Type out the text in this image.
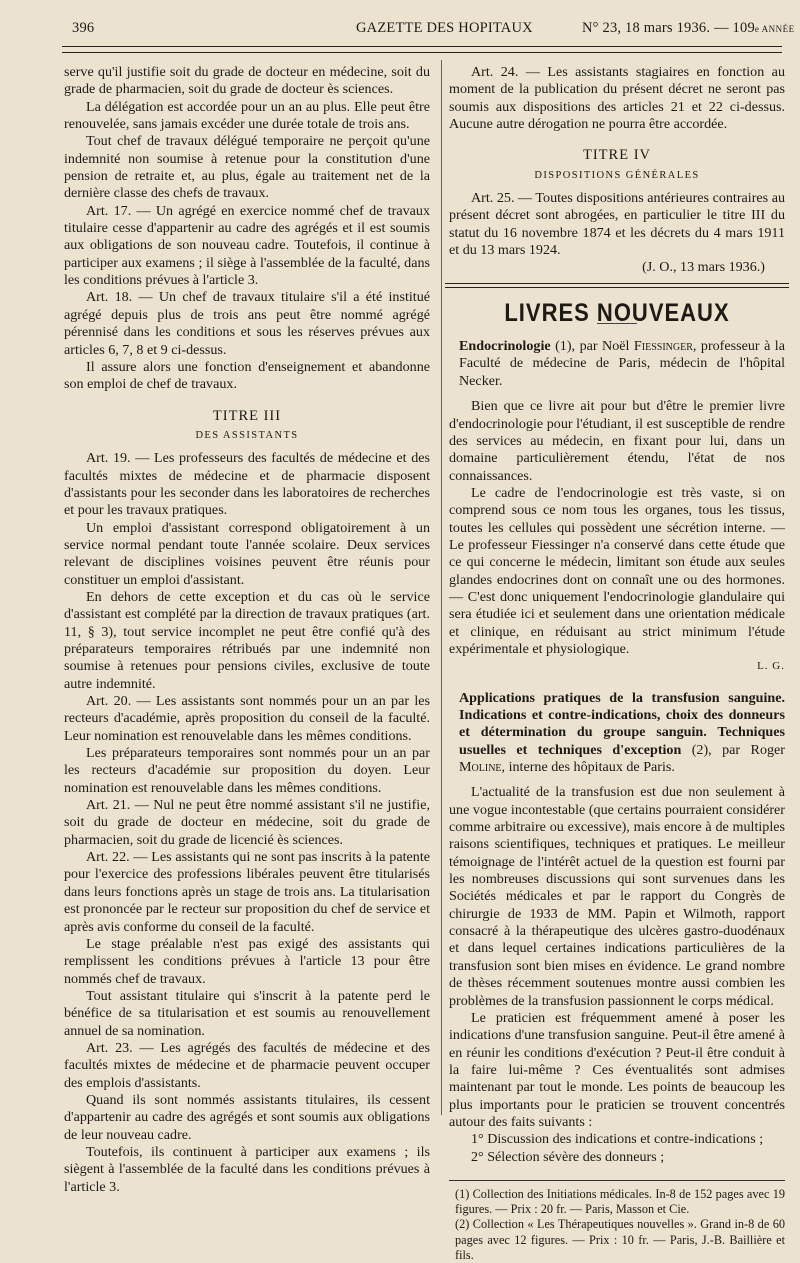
396	GAZETTE DES HOPITAUX	N° 23, 18 mars 1936. — 109e ANNÉE

serve qu'il justifie soit du grade de docteur en médecine, soit du grade de pharmacien, soit du grade de docteur ès sciences.

La délégation est accordée pour un an au plus. Elle peut être renouvelée, sans jamais excéder une durée totale de trois ans.

Tout chef de travaux délégué temporaire ne perçoit qu'une indemnité non soumise à retenue pour la constitution d'une pension de retraite et, au plus, égale au traitement net de la dernière classe des chefs de travaux.

Art. 17. — Un agrégé en exercice nommé chef de travaux titulaire cesse d'appartenir au cadre des agrégés et il est soumis aux obligations de son nouveau cadre. Toutefois, il continue à participer aux examens ; il siège à l'assemblée de la faculté, dans les conditions prévues à l'article 3.

Art. 18. — Un chef de travaux titulaire s'il a été institué agrégé depuis plus de trois ans peut être nommé agrégé pérennisé dans les conditions et sous les réserves prévues aux articles 6, 7, 8 et 9 ci-dessus.

Il assure alors une fonction d'enseignement et abandonne son emploi de chef de travaux.

TITRE III
DES ASSISTANTS

Art. 19. — Les professeurs des facultés de médecine et des facultés mixtes de médecine et de pharmacie disposent d'assistants pour les seconder dans les laboratoires de recherches et pour les travaux pratiques.

Un emploi d'assistant correspond obligatoirement à un service normal pendant toute l'année scolaire. Deux services relevant de disciplines voisines peuvent être réunis pour constituer un emploi d'assistant.

En dehors de cette exception et du cas où le service d'assistant est complété par la direction de travaux pratiques (art. 11, § 3), tout service incomplet ne peut être confié qu'à des préparateurs temporaires rétribués par une indemnité non soumise à retenues pour pensions civiles, exclusive de toute autre indemnité.

Art. 20. — Les assistants sont nommés pour un an par les recteurs d'académie, après proposition du conseil de la faculté. Leur nomination est renouvelable dans les mêmes conditions.

Les préparateurs temporaires sont nommés pour un an par les recteurs d'académie sur proposition du doyen. Leur nomination est renouvelable dans les mêmes conditions.

Art. 21. — Nul ne peut être nommé assistant s'il ne justifie, soit du grade de docteur en médecine, soit du grade de pharmacien, soit du grade de licencié ès sciences.

Art. 22. — Les assistants qui ne sont pas inscrits à la patente pour l'exercice des professions libérales peuvent être titularisés dans leurs fonctions après un stage de trois ans. La titularisation est prononcée par le recteur sur proposition du chef de service et après avis conforme du conseil de la faculté.

Le stage préalable n'est pas exigé des assistants qui remplissent les conditions prévues à l'article 13 pour être nommés chef de travaux.

Tout assistant titulaire qui s'inscrit à la patente perd le bénéfice de sa titularisation et est soumis au renouvellement annuel de sa nomination.

Art. 23. — Les agrégés des facultés de médecine et des facultés mixtes de médecine et de pharmacie peuvent occuper des emplois d'assistants.

Quand ils sont nommés assistants titulaires, ils cessent d'appartenir au cadre des agrégés et sont soumis aux obligations de leur nouveau cadre.

Toutefois, ils continuent à participer aux examens ; ils siègent à l'assemblée de la faculté dans les conditions prévues à l'article 3.

Art. 24. — Les assistants stagiaires en fonction au moment de la publication du présent décret ne seront pas soumis aux dispositions des articles 21 et 22 ci-dessus. Aucune autre dérogation ne pourra être accordée.

TITRE IV
DISPOSITIONS GÉNÉRALES

Art. 25. — Toutes dispositions antérieures contraires au présent décret sont abrogées, en particulier le titre III du statut du 16 novembre 1874 et les décrets du 4 mars 1911 et du 13 mars 1924.

(J. O., 13 mars 1936.)

LIVRES NOUVEAUX

Endocrinologie (1), par Noël Fiessinger, professeur à la Faculté de médecine de Paris, médecin de l'hôpital Necker.

Bien que ce livre ait pour but d'être le premier livre d'endocrinologie pour l'étudiant, il est susceptible de rendre des services au médecin, en fixant pour lui, dans un domaine particulièrement étendu, l'état de nos connaissances.

Le cadre de l'endocrinologie est très vaste, si on comprend sous ce nom tous les organes, tous les tissus, toutes les cellules qui possèdent une sécrétion interne. — Le professeur Fiessinger n'a conservé dans cette étude que ce qui concerne le médecin, limitant son étude aux seules glandes endocrines dont on connaît une ou des hormones. — C'est donc uniquement l'endocrinologie glandulaire qui sera étudiée ici et seulement dans une orientation médicale et clinique, en réduisant au strict minimum l'étude expérimentale et physiologique.

L. G.

Applications pratiques de la transfusion sanguine. Indications et contre-indications, choix des donneurs et détermination du groupe sanguin. Techniques usuelles et techniques d'exception (2), par Roger Moline, interne des hôpitaux de Paris.

L'actualité de la transfusion est due non seulement à une vogue incontestable (que certains pourraient considérer comme arbitraire ou excessive), mais encore à de multiples raisons scientifiques, techniques et pratiques. Le meilleur témoignage de l'intérêt actuel de la question est fourni par les nombreuses discussions qui sont survenues dans les Sociétés médicales et par le rapport du Congrès de chirurgie de 1933 de MM. Papin et Wilmoth, rapport consacré à la thérapeutique des ulcères gastro-duodénaux et dans lequel certaines indications particulières de la transfusion sont bien mises en évidence. Le grand nombre de thèses récemment soutenues montre aussi combien les problèmes de la transfusion passionnent le corps médical.

Le praticien est fréquemment amené à poser les indications d'une transfusion sanguine. Peut-il être amené à en réunir les conditions d'exécution ? Peut-il être conduit à la faire lui-même ? Ces éventualités sont admises maintenant par tout le monde. Les points de beaucoup les plus importants pour le praticien se trouvent concentrés autour des faits suivants :

1° Discussion des indications et contre-indications ;

2° Sélection sévère des donneurs ;

(1) Collection des Initiations médicales. In-8 de 152 pages avec 19 figures. — Prix : 20 fr. — Paris, Masson et Cie.

(2) Collection « Les Thérapeutiques nouvelles ». Grand in-8 de 60 pages avec 12 figures. — Prix : 10 fr. — Paris, J.-B. Baillière et fils.
